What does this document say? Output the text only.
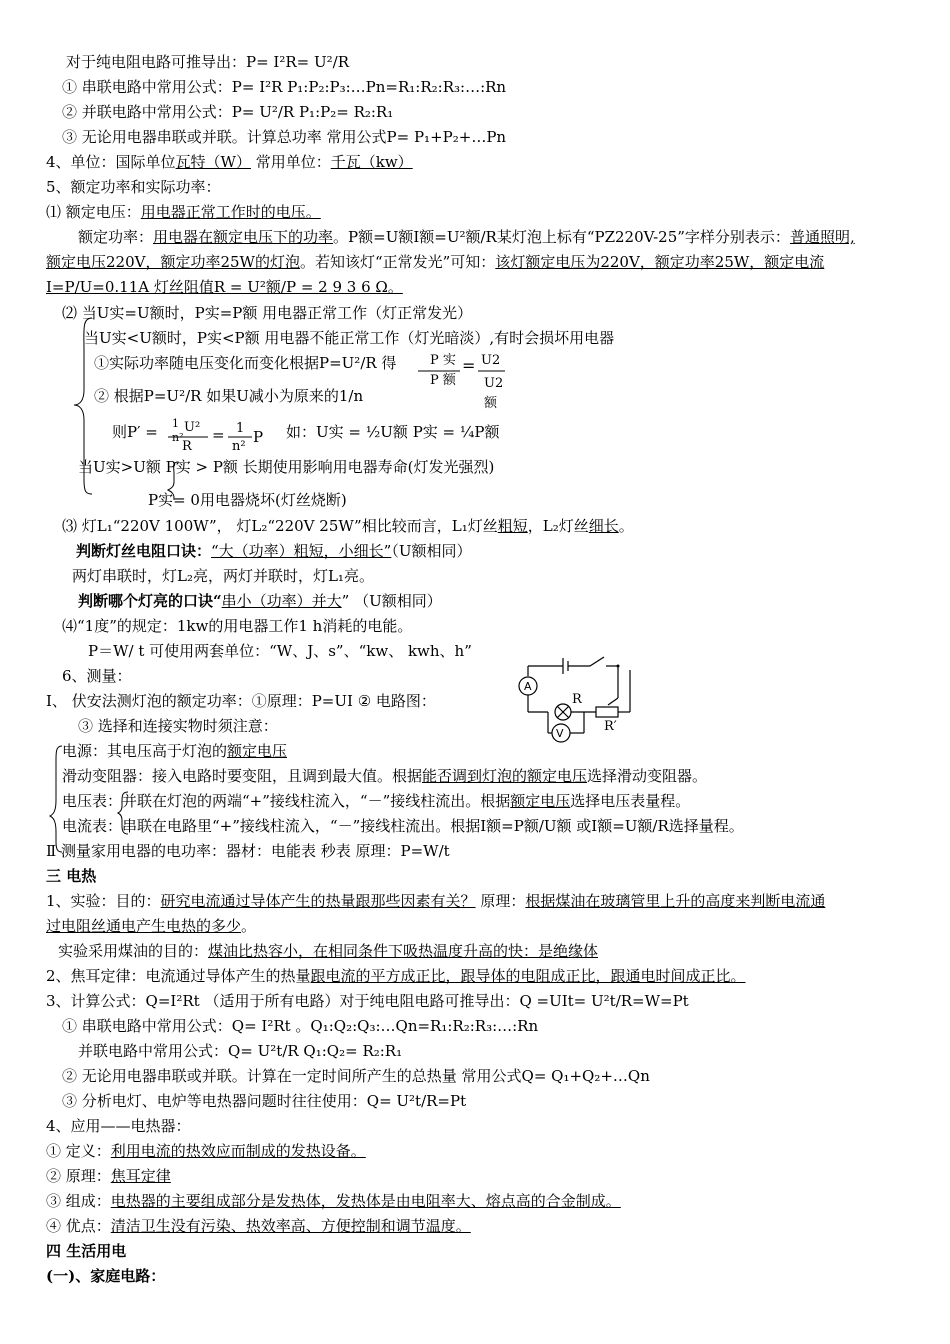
对于纯电阻电路可推导出：P= I²R= U²/R
① 串联电路中常用公式：P= I²R P₁:P₂:P₃:…Pn=R₁:R₂:R₃:…:Rn
② 并联电路中常用公式：P= U²/R P₁:P₂= R₂:R₁
③ 无论用电器串联或并联。计算总功率 常用公式P= P₁+P₂+…Pn
4、单位：国际单位瓦特（W） 常用单位：千瓦（kw）
5、额定功率和实际功率：
⑴ 额定电压：用电器正常工作时的电压。
额定功率：用电器在额定电压下的功率。P额=U额I额=U²额/R某灯泡上标有“PZ220V-25”字样分别表示：普通照明,
额定电压220V，额定功率25W的灯泡。若知该灯“正常发光”可知：该灯额定电压为220V，额定功率25W，额定电流
I=P/U=0.11A 灯丝阻值R = U²额/P = 2 9 3 6 Ω。
⑵ 当U实=U额时，P实=P额 用电器正常工作（灯正常发光）
当U实<U额时，P实<P额 用电器不能正常工作（灯光暗淡）,有时会损坏用电器
①实际功率随电压变化而变化根据P=U²/R 得	P 实
P 额
= U2
U2
额
② 根据P=U²/R 如果U减小为原来的1/n
则P′ = 1
n²
U²
R
= 1
n²
P 如：U实 = ½U额 P实 = ¼P额
当U实>U额 P实 > P额 长期使用影响用电器寿命(灯发光强烈)
P实= 0用电器烧坏(灯丝烧断)
⑶ 灯L₁“220V 100W”， 灯L₂“220V 25W”相比较而言，L₁灯丝粗短，L₂灯丝细长。
判断灯丝电阻口诀：“大（功率）粗短，小细长”（U额相同）
两灯串联时，灯L₂亮，两灯并联时，灯L₁亮。
判断哪个灯亮的口诀“串小（功率）并大” （U额相同）
⑷“1度”的规定：1kw的用电器工作1 h消耗的电能。
P＝W/ t 可使用两套单位：“W、J、s”、“kw、 kwh、h”
6、测量：
Ⅰ、 伏安法测灯泡的额定功率：①原理：P=UI ② 电路图：
③ 选择和连接实物时须注意：
A
V
R
R′
电源：其电压高于灯泡的额定电压
滑动变阻器：接入电路时要变阻，且调到最大值。根据能否调到灯泡的额定电压选择滑动变阻器。
电压表：并联在灯泡的两端“+”接线柱流入，“－”接线柱流出。根据额定电压选择电压表量程。
电流表：串联在电路里“+”接线柱流入，“－”接线柱流出。根据I额=P额/U额 或I额=U额/R选择量程。
Ⅱ 测量家用电器的电功率：器材：电能表 秒表 原理：P=W/t
三 电热
1、实验：目的：研究电流通过导体产生的热量跟那些因素有关？ 原理：根据煤油在玻璃管里上升的高度来判断电流通
过电阻丝通电产生电热的多少。
实验采用煤油的目的：煤油比热容小，在相同条件下吸热温度升高的快：是绝缘体
2、焦耳定律：电流通过导体产生的热量跟电流的平方成正比，跟导体的电阻成正比，跟通电时间成正比。
3、计算公式：Q=I²Rt （适用于所有电路）对于纯电阻电路可推导出：Q =UIt= U²t/R=W=Pt
① 串联电路中常用公式：Q= I²Rt 。Q₁:Q₂:Q₃:…Qn=R₁:R₂:R₃:…:Rn
并联电路中常用公式：Q= U²t/R Q₁:Q₂= R₂:R₁
② 无论用电器串联或并联。计算在一定时间所产生的总热量 常用公式Q= Q₁+Q₂+…Qn
③ 分析电灯、电炉等电热器问题时往往使用：Q= U²t/R=Pt
4、应用——电热器：
① 定义：利用电流的热效应而制成的发热设备。
② 原理：焦耳定律
③ 组成：电热器的主要组成部分是发热体，发热体是由电阻率大、熔点高的合金制成。
④ 优点：清洁卫生没有污染、热效率高、方便控制和调节温度。
四 生活用电
(一)、家庭电路：
